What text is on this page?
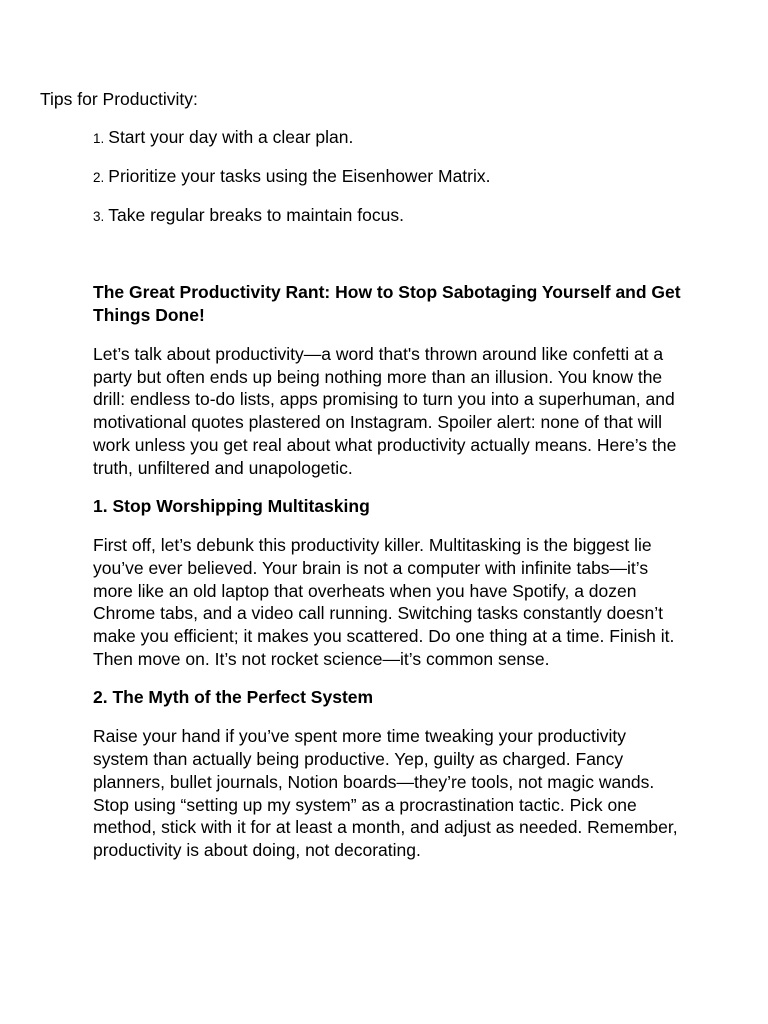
Tips for Productivity:
1. Start your day with a clear plan.
2. Prioritize your tasks using the Eisenhower Matrix.
3. Take regular breaks to maintain focus.
The Great Productivity Rant: How to Stop Sabotaging Yourself and Get Things Done!

Let’s talk about productivity—a word that's thrown around like confetti at a party but often ends up being nothing more than an illusion. You know the drill: endless to-do lists, apps promising to turn you into a superhuman, and motivational quotes plastered on Instagram. Spoiler alert: none of that will work unless you get real about what productivity actually means. Here’s the truth, unfiltered and unapologetic.

1. Stop Worshipping Multitasking

First off, let’s debunk this productivity killer. Multitasking is the biggest lie you’ve ever believed. Your brain is not a computer with infinite tabs—it’s more like an old laptop that overheats when you have Spotify, a dozen Chrome tabs, and a video call running. Switching tasks constantly doesn’t make you efficient; it makes you scattered. Do one thing at a time. Finish it. Then move on. It’s not rocket science—it’s common sense.

2. The Myth of the Perfect System

Raise your hand if you’ve spent more time tweaking your productivity system than actually being productive. Yep, guilty as charged. Fancy planners, bullet journals, Notion boards—they’re tools, not magic wands. Stop using “setting up my system” as a procrastination tactic. Pick one method, stick with it for at least a month, and adjust as needed. Remember, productivity is about doing, not decorating.
